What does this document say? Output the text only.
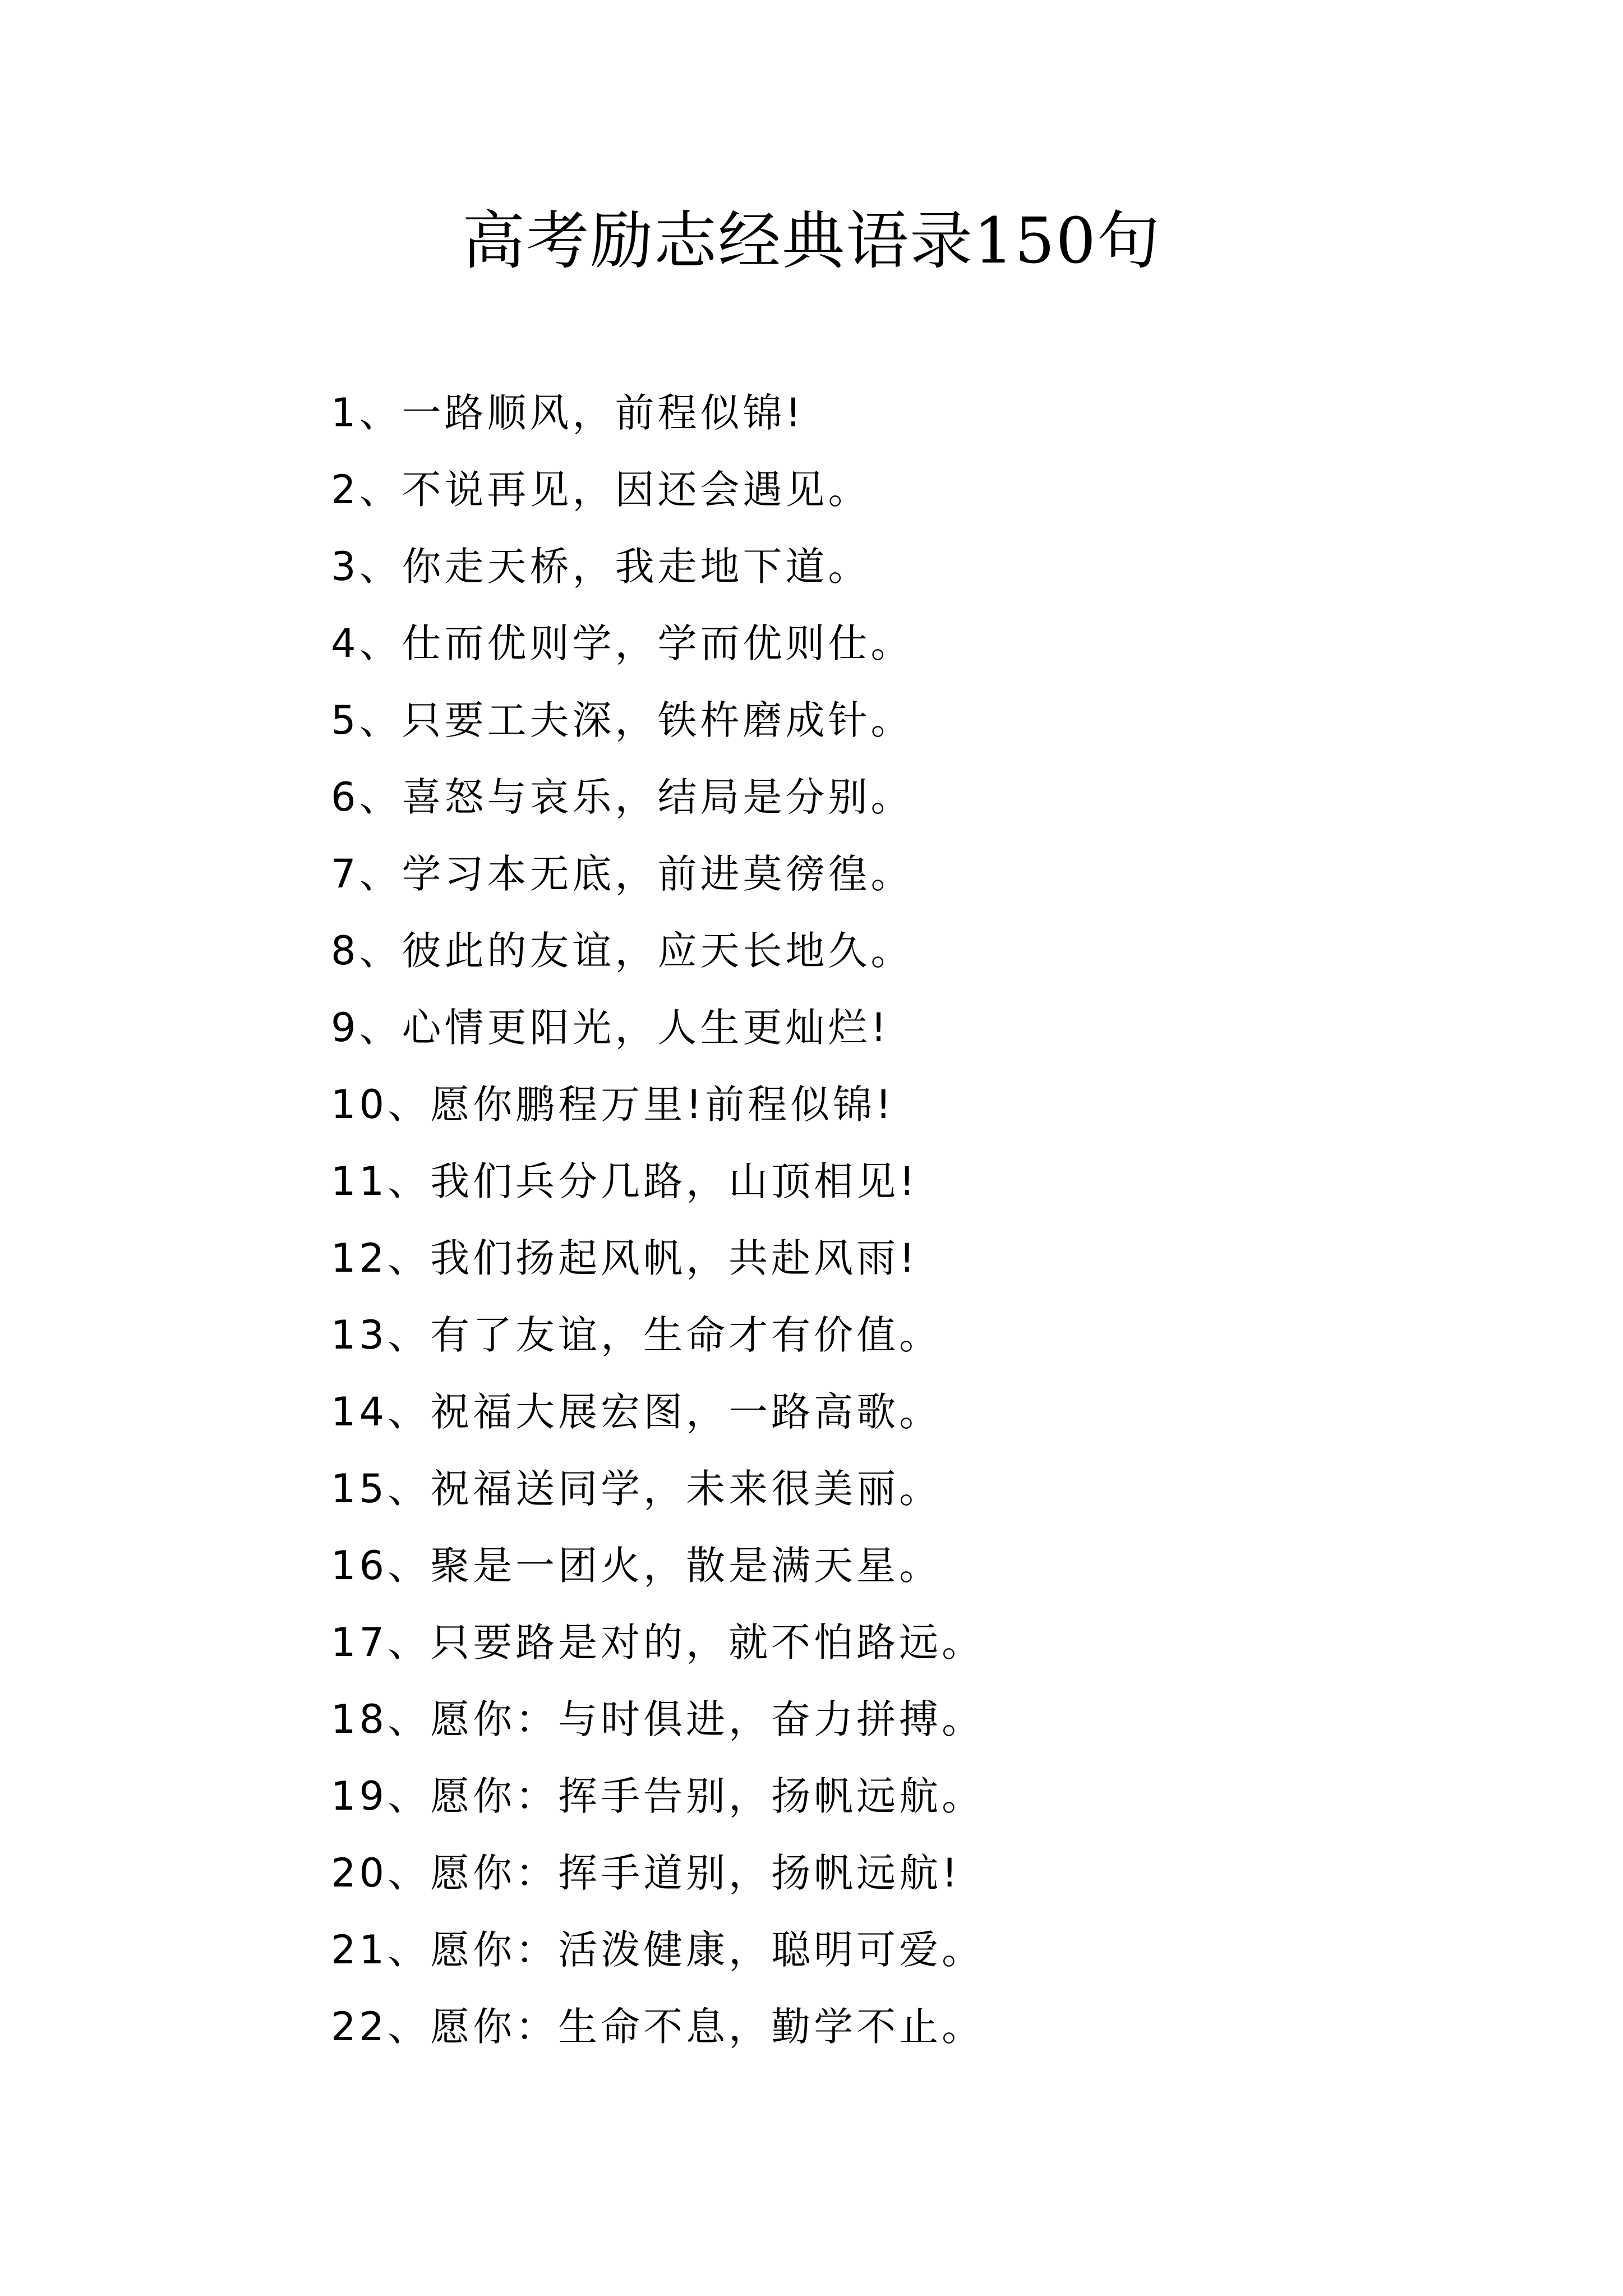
高考励志经典语录150句
1、一路顺风，前程似锦!
2、不说再见，因还会遇见。
3、你走天桥，我走地下道。
4、仕而优则学，学而优则仕。
5、只要工夫深，铁杵磨成针。
6、喜怒与哀乐，结局是分别。
7、学习本无底，前进莫徬徨。
8、彼此的友谊，应天长地久。
9、心情更阳光，人生更灿烂!
10、愿你鹏程万里!前程似锦!
11、我们兵分几路，山顶相见!
12、我们扬起风帆，共赴风雨!
13、有了友谊，生命才有价值。
14、祝福大展宏图，一路高歌。
15、祝福送同学，未来很美丽。
16、聚是一团火，散是满天星。
17、只要路是对的，就不怕路远。
18、愿你：与时俱进，奋力拼搏。
19、愿你：挥手告别，扬帆远航。
20、愿你：挥手道别，扬帆远航!
21、愿你：活泼健康，聪明可爱。
22、愿你：生命不息，勤学不止。
